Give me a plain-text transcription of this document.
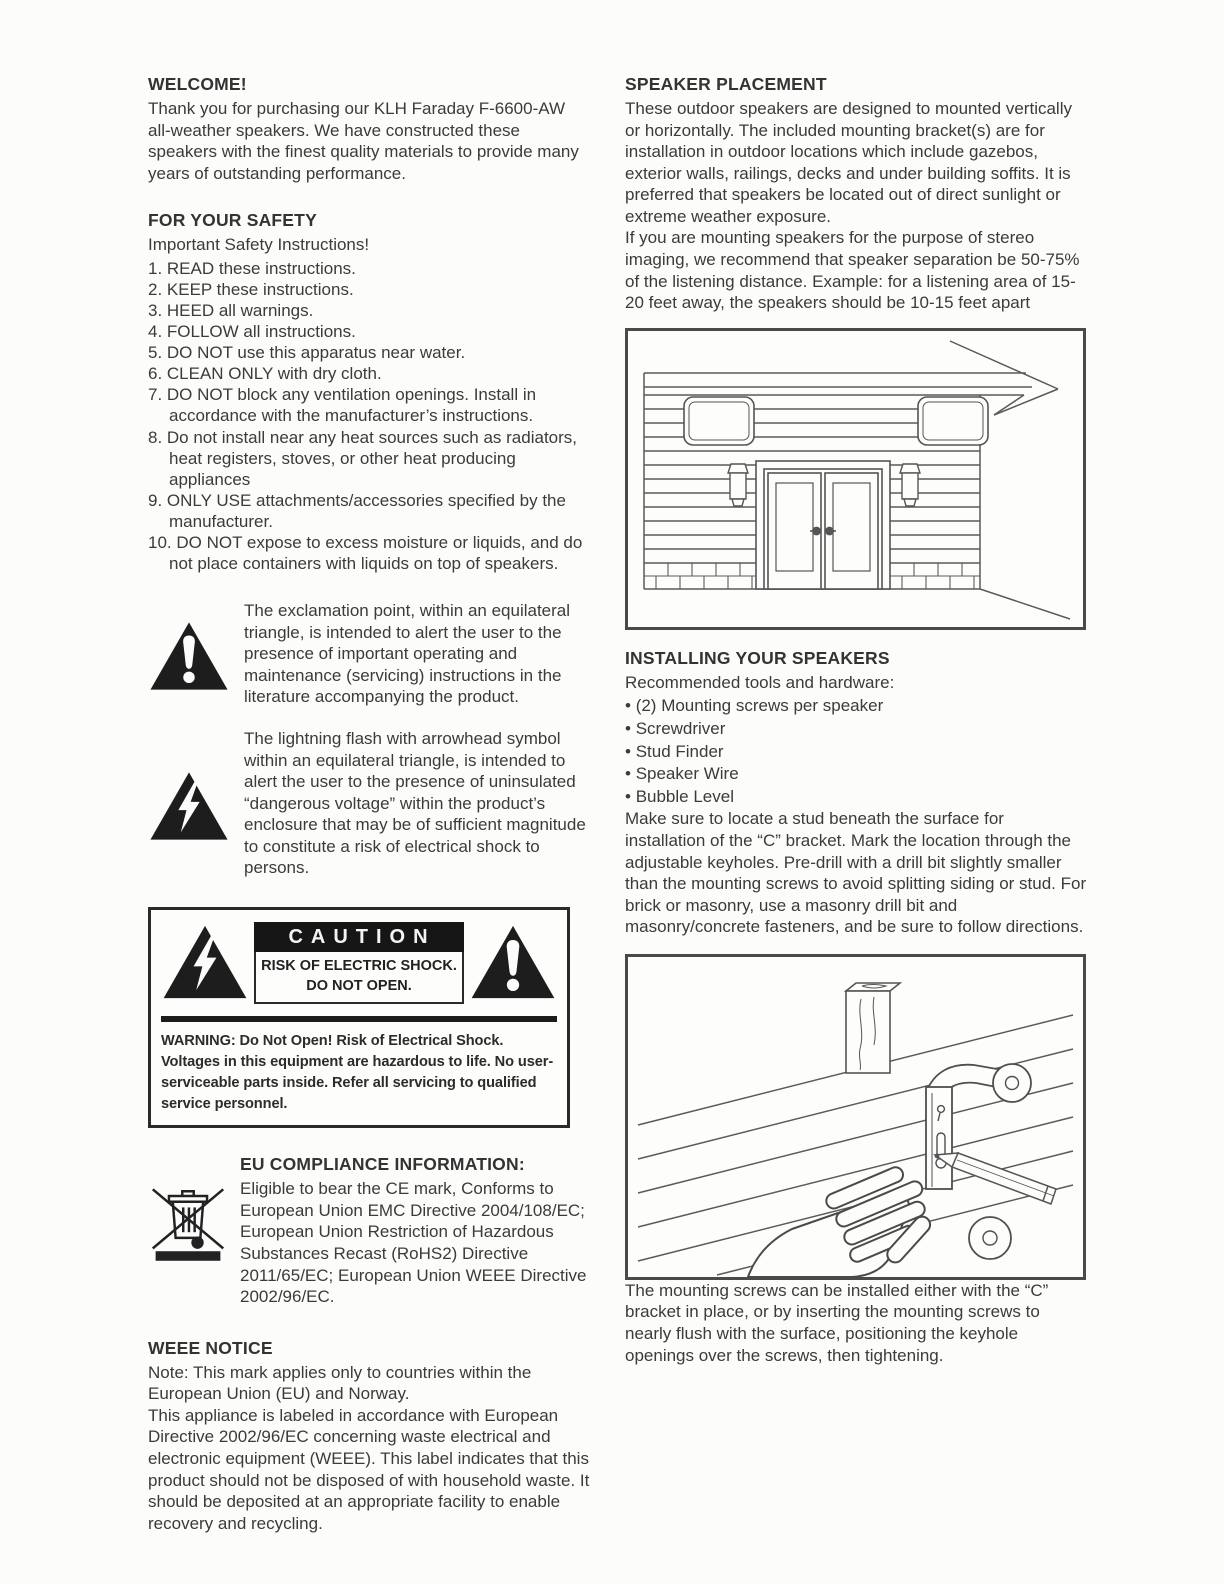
WELCOME!

Thank you for purchasing our KLH Faraday F-6600-AW all-weather speakers. We have constructed these speakers with the finest quality materials to provide many years of outstanding performance.

FOR YOUR SAFETY

Important Safety Instructions!

1. READ these instructions.
2. KEEP these instructions.
3. HEED all warnings.
4. FOLLOW all instructions.
5. DO NOT use this apparatus near water.
6. CLEAN ONLY with dry cloth.
7. DO NOT block any ventilation openings. Install in accordance with the manufacturer’s instructions.
8. Do not install near any heat sources such as radiators, heat registers, stoves, or other heat producing appliances
9. ONLY USE attachments/accessories specified by the manufacturer.
10. DO NOT expose to excess moisture or liquids, and do not place containers with liquids on top of speakers.

The exclamation point, within an equilateral triangle, is intended to alert the user to the presence of important operating and maintenance (servicing) instructions in the literature accompanying the product.

The lightning flash with arrowhead symbol within an equilateral triangle, is intended to alert the user to the presence of uninsulated “dangerous voltage” within the product’s enclosure that may be of sufficient magnitude to constitute a risk of electrical shock to persons.

CAUTION
RISK OF ELECTRIC SHOCK.
DO NOT OPEN.

WARNING: Do Not Open! Risk of Electrical Shock. Voltages in this equipment are hazardous to life. No user-serviceable parts inside. Refer all servicing to qualified service personnel.

EU COMPLIANCE INFORMATION:

Eligible to bear the CE mark, Conforms to European Union EMC Directive 2004/108/EC; European Union Restriction of Hazardous Substances Recast (RoHS2) Directive 2011/65/EC; European Union WEEE Directive 2002/96/EC.

WEEE NOTICE

Note: This mark applies only to countries within the European Union (EU) and Norway.

This appliance is labeled in accordance with European Directive 2002/96/EC concerning waste electrical and electronic equipment (WEEE). This label indicates that this product should not be disposed of with household waste. It should be deposited at an appropriate facility to enable recovery and recycling.

SPEAKER PLACEMENT

These outdoor speakers are designed to mounted vertically or horizontally. The included mounting bracket(s) are for installation in outdoor locations which include gazebos, exterior walls, railings, decks and under building soffits. It is preferred that speakers be located out of direct sunlight or extreme weather exposure.

If you are mounting speakers for the purpose of stereo imaging, we recommend that speaker separation be 50-75% of the listening distance. Example: for a listening area of 15-20 feet away, the speakers should be 10-15 feet apart

INSTALLING YOUR SPEAKERS

Recommended tools and hardware:

• (2) Mounting screws per speaker
• Screwdriver
• Stud Finder
• Speaker Wire
• Bubble Level

Make sure to locate a stud beneath the surface for installation of the “C” bracket. Mark the location through the adjustable keyholes. Pre-drill with a drill bit slightly smaller than the mounting screws to avoid splitting siding or stud. For brick or masonry, use a masonry drill bit and masonry/concrete fasteners, and be sure to follow directions.

The mounting screws can be installed either with the “C” bracket in place, or by inserting the mounting screws to nearly flush with the surface, positioning the keyhole openings over the screws, then tightening.
